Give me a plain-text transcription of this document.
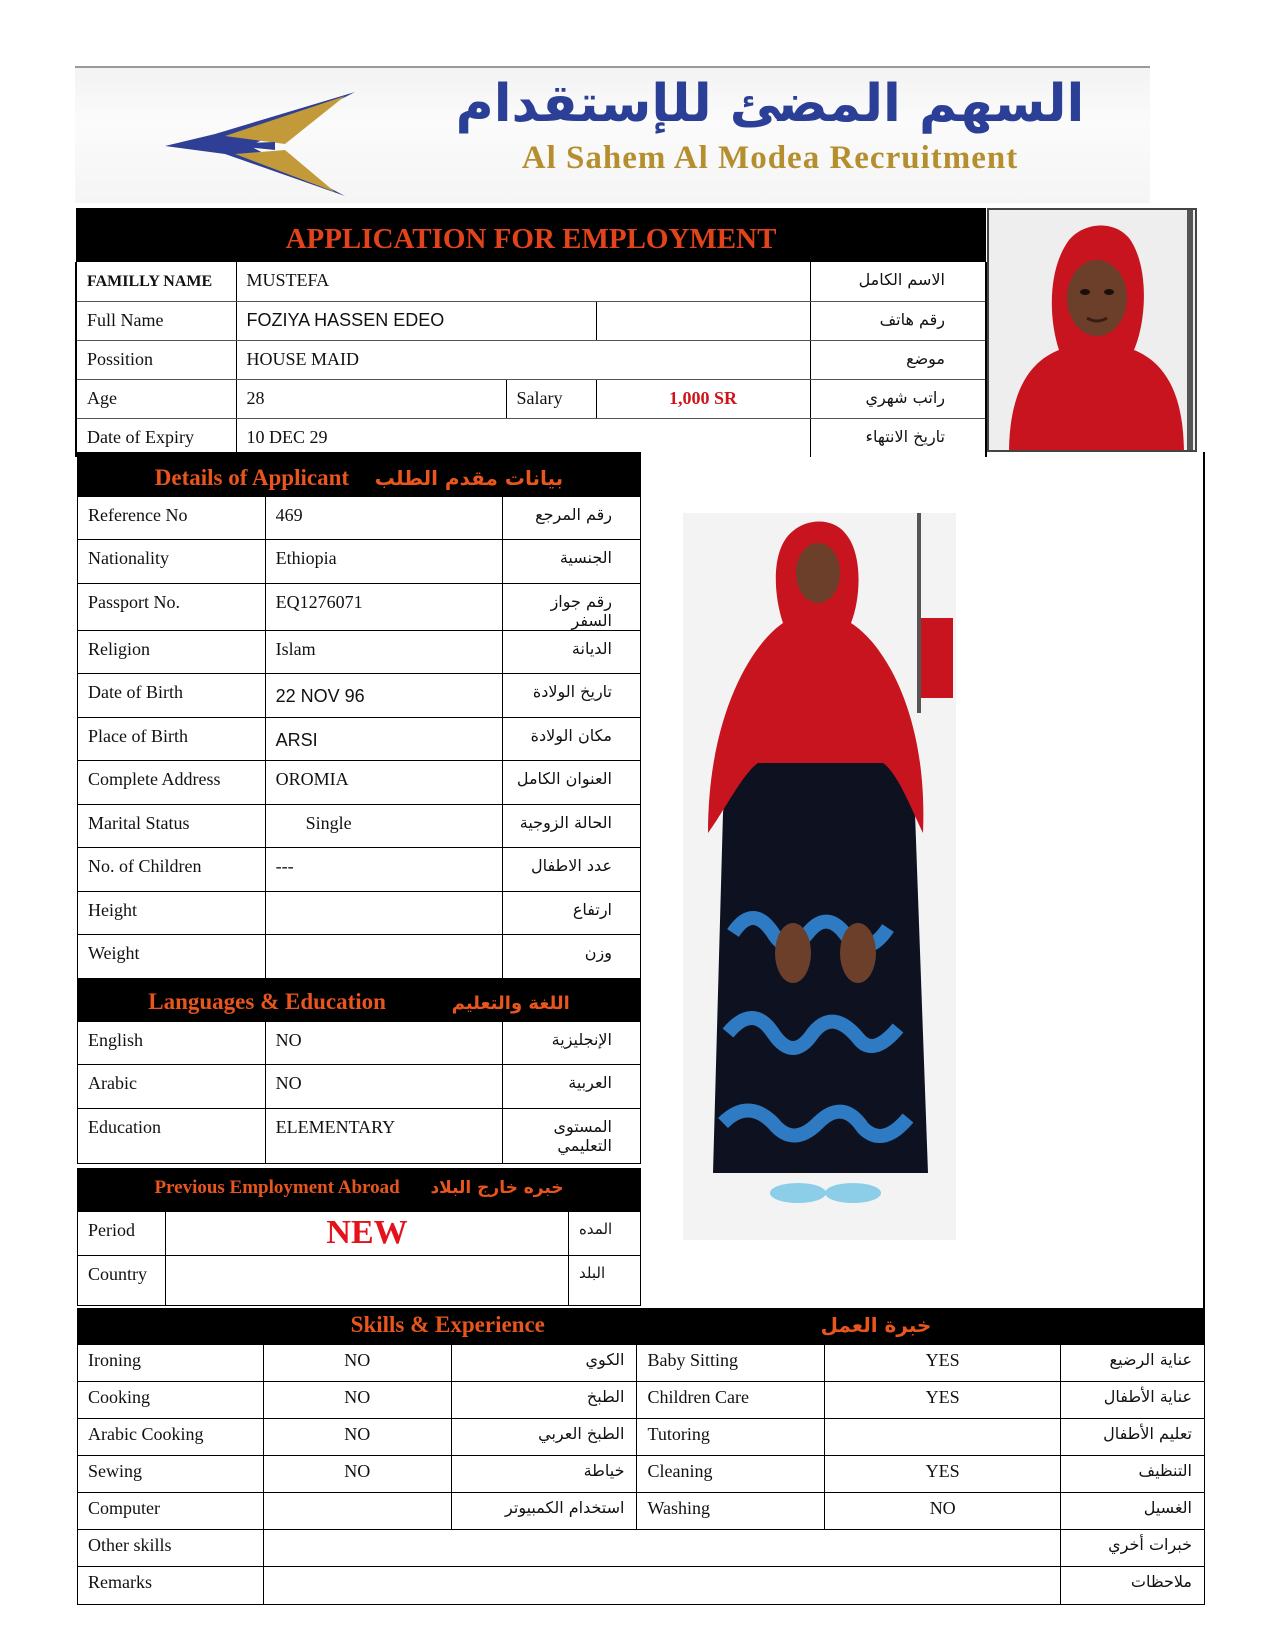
السهم المضئ للإستقدام
Al Sahem Al Modea Recruitment
APPLICATION FOR EMPLOYMENT				
FAMILLY NAME	MUSTEFA			الاسم الكامل
Full Name	FOZIYA HASSEN EDEO			رقم هاتف
Possition	HOUSE MAID			موضع
Age	28	Salary	1,000 SR	راتب شهري
Date of Expiry	10 DEC 29			تاريخ الانتهاء
Details of Applicant بيانات مقدم الطلب		
Reference No	469	رقم المرجع
Nationality	Ethiopia	الجنسية
Passport No.	EQ1276071	رقم جواز السفر
Religion	Islam	الديانة
Date of Birth	22 NOV 96	تاريخ الولادة
Place of Birth	ARSI	مكان الولادة
Complete Address	OROMIA	العنوان الكامل
Marital Status	Single	الحالة الزوجية
No. of Children	---	عدد الاطفال
Height		ارتفاع
Weight		وزن
Languages & Education اللغة والتعليم		
English	NO	الإنجليزية
Arabic	NO	العربية
Education	ELEMENTARY	المستوى التعليمي
Previous Employment Abroad خبره خارج البلاد		
Period	NEW	المده
Country		البلد
Skills & Experience خبرة العمل					
Ironing	NO	الكوي	Baby Sitting	YES	عناية الرضيع
Cooking	NO	الطبخ	Children Care	YES	عناية الأطفال
Arabic Cooking	NO	الطبخ العربي	Tutoring		تعليم الأطفال
Sewing	NO	خياطة	Cleaning	YES	التنظيف
Computer		استخدام الكمبيوتر	Washing	NO	الغسيل
Other skills					خبرات أخري
Remarks					ملاحظات
